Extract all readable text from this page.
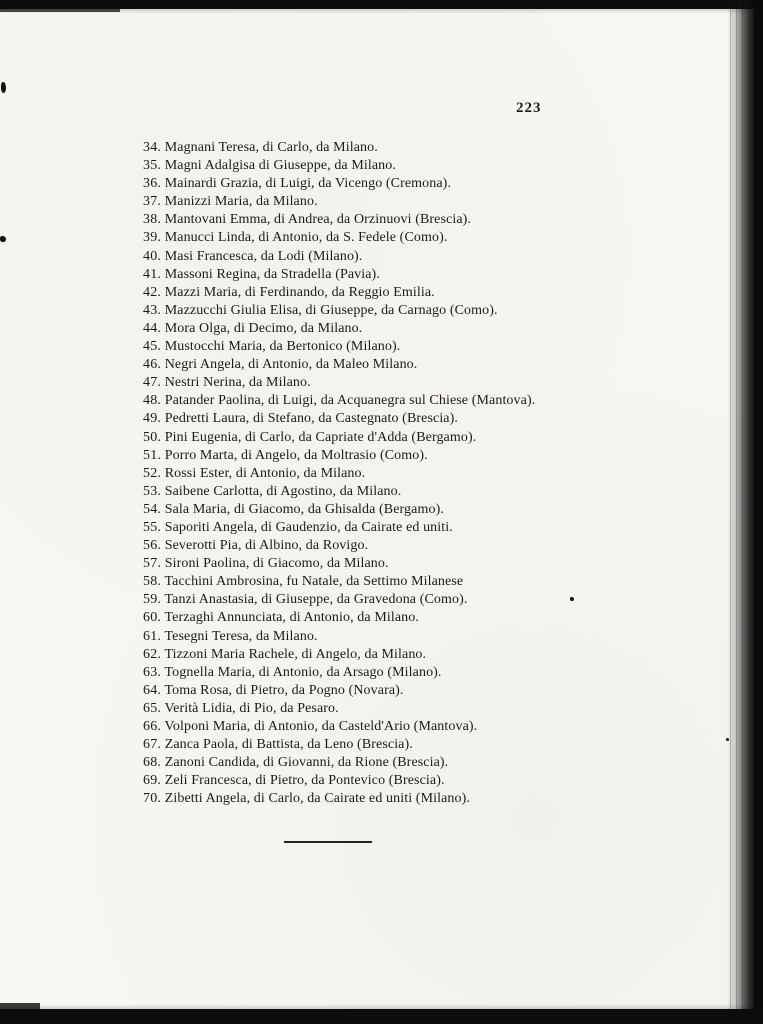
223

34. Magnani Teresa, di Carlo, da Milano.

35. Magni Adalgisa di Giuseppe, da Milano.

36. Mainardi Grazia, di Luigi, da Vicengo (Cremona).

37. Manizzi Maria, da Milano.

38. Mantovani Emma, di Andrea, da Orzinuovi (Brescia).

39. Manucci Linda, di Antonio, da S. Fedele (Como).

40. Masi Francesca, da Lodi (Milano).

41. Massoni Regina, da Stradella (Pavia).

42. Mazzi Maria, di Ferdinando, da Reggio Emilia.

43. Mazzucchi Giulia Elisa, di Giuseppe, da Carnago (Como).

44. Mora Olga, di Decimo, da Milano.

45. Mustocchi Maria, da Bertonico (Milano).

46. Negri Angela, di Antonio, da Maleo Milano.

47. Nestri Nerina, da Milano.

48. Patander Paolina, di Luigi, da Acquanegra sul Chiese (Mantova).

49. Pedretti Laura, di Stefano, da Castegnato (Brescia).

50. Pini Eugenia, di Carlo, da Capriate d'Adda (Bergamo).

51. Porro Marta, di Angelo, da Moltrasio (Como).

52. Rossi Ester, di Antonio, da Milano.

53. Saibene Carlotta, di Agostino, da Milano.

54. Sala Maria, di Giacomo, da Ghisalda (Bergamo).

55. Saporiti Angela, di Gaudenzio, da Cairate ed uniti.

56. Severotti Pia, di Albino, da Rovigo.

57. Sironi Paolina, di Giacomo, da Milano.

58. Tacchini Ambrosina, fu Natale, da Settimo Milanese

59. Tanzi Anastasia, di Giuseppe, da Gravedona (Como).

60. Terzaghi Annunciata, di Antonio, da Milano.

61. Tesegni Teresa, da Milano.

62. Tizzoni Maria Rachele, di Angelo, da Milano.

63. Tognella Maria, di Antonio, da Arsago (Milano).

64. Toma Rosa, di Pietro, da Pogno (Novara).

65. Verità Lidia, di Pio, da Pesaro.

66. Volponi Maria, di Antonio, da Casteld'Ario (Mantova).

67. Zanca Paola, di Battista, da Leno (Brescia).

68. Zanoni Candida, di Giovanni, da Rione (Brescia).

69. Zeli Francesca, di Pietro, da Pontevico (Brescia).

70. Zibetti Angela, di Carlo, da Cairate ed uniti (Milano).
